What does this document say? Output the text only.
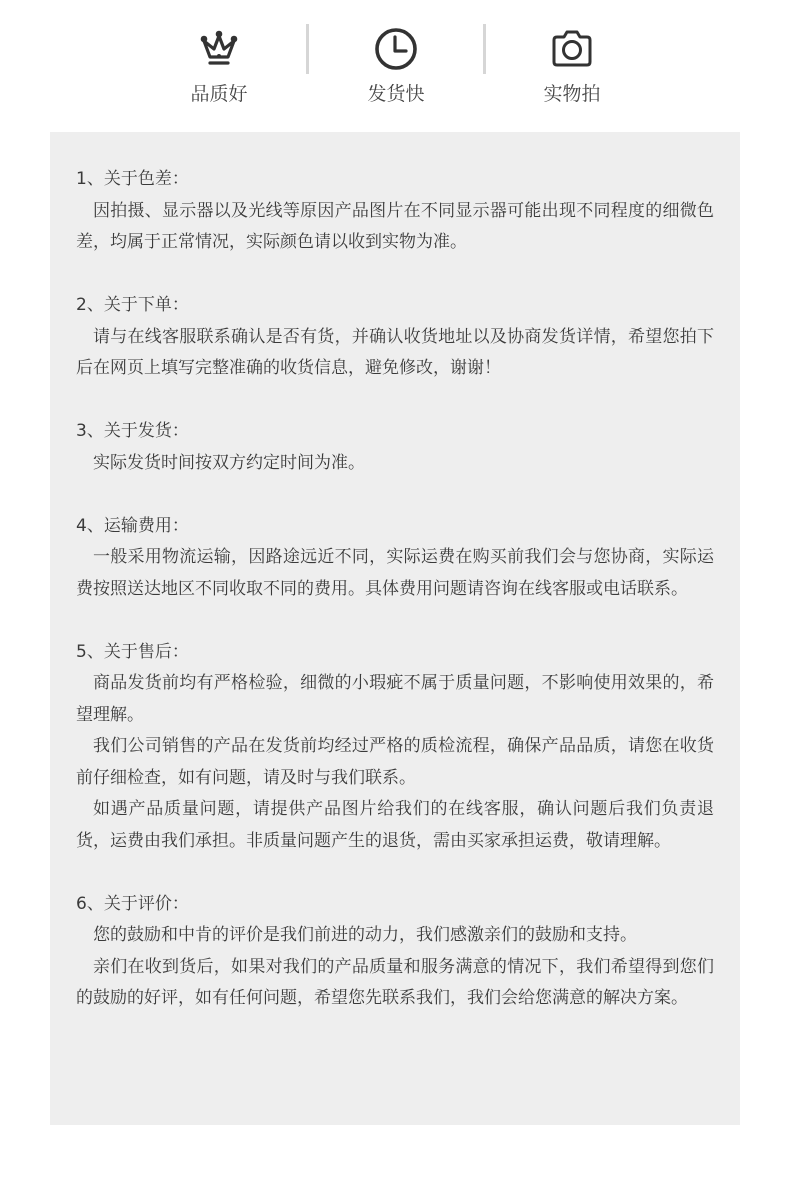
品质好	发货快	实物拍

1、关于色差：

因拍摄、显示器以及光线等原因产品图片在不同显示器可能出现不同程度的细微色差，均属于正常情况，实际颜色请以收到实物为准。

2、关于下单：

请与在线客服联系确认是否有货，并确认收货地址以及协商发货详情，希望您拍下后在网页上填写完整准确的收货信息，避免修改，谢谢！

3、关于发货：

实际发货时间按双方约定时间为准。

4、运输费用：

一般采用物流运输，因路途远近不同，实际运费在购买前我们会与您协商，实际运费按照送达地区不同收取不同的费用。具体费用问题请咨询在线客服或电话联系。

5、关于售后：

商品发货前均有严格检验，细微的小瑕疵不属于质量问题，不影响使用效果的，希望理解。

我们公司销售的产品在发货前均经过严格的质检流程，确保产品品质，请您在收货前仔细检查，如有问题，请及时与我们联系。

如遇产品质量问题，请提供产品图片给我们的在线客服，确认问题后我们负责退货，运费由我们承担。非质量问题产生的退货，需由买家承担运费，敬请理解。

6、关于评价：

您的鼓励和中肯的评价是我们前进的动力，我们感激亲们的鼓励和支持。

亲们在收到货后，如果对我们的产品质量和服务满意的情况下，我们希望得到您们的鼓励的好评，如有任何问题，希望您先联系我们，我们会给您满意的解决方案。
